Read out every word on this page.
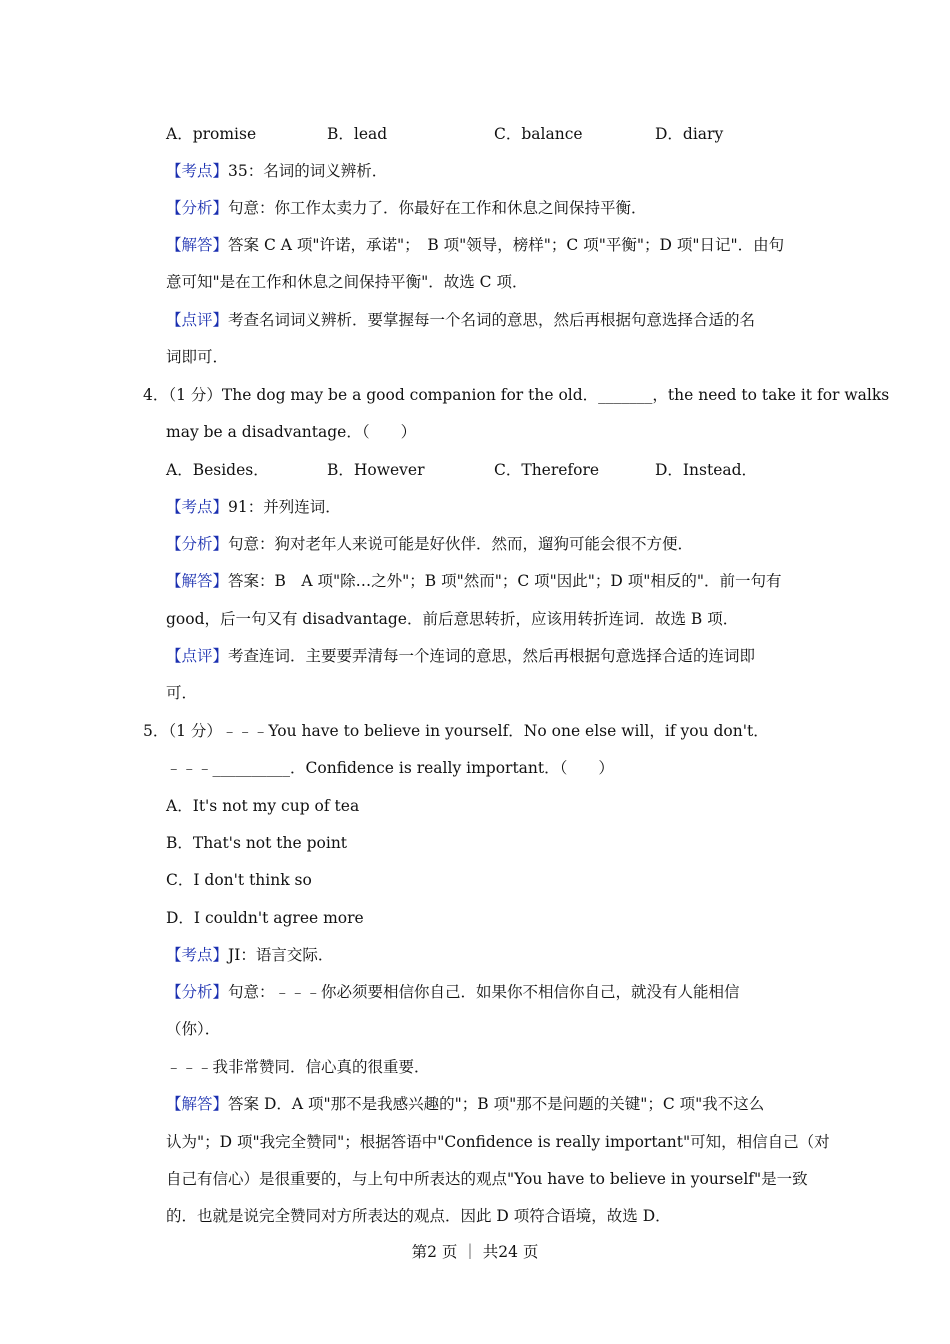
A．promise	B．lead	C．balance	D．diary
【考点】35：名词的词义辨析．
【分析】句意：你工作太卖力了．你最好在工作和休息之间保持平衡．
【解答】答案 C A 项"许诺，承诺"；　B 项"领导，榜样"；C 项"平衡"；D 项"日记"．由句
意可知"是在工作和休息之间保持平衡"．故选 C 项．
【点评】考查名词词义辨析．要掌握每一个名词的意思，然后再根据句意选择合适的名
词即可．
4．（1 分）The dog may be a good companion for the old．_______，the need to take it for walks
may be a disadvantage．（　　）
A．Besides．	B．However	C．Therefore	D．Instead．
【考点】91：并列连词．
【分析】句意：狗对老年人来说可能是好伙伴．然而，遛狗可能会很不方便．
【解答】答案：B　A 项"除…之外"；B 项"然而"；C 项"因此"；D 项"相反的"．前一句有
good，后一句又有 disadvantage．前后意思转折，应该用转折连词．故选 B 项．
【点评】考查连词．主要要弄清每一个连词的意思，然后再根据句意选择合适的连词即
可．
5．（1 分）﹣﹣﹣You have to believe in yourself．No one else will，if you don't．
﹣﹣﹣__________．Confidence is really important．（　　）
A．It's not my cup of tea
B．That's not the point
C．I don't think so
D．I couldn't agree more
【考点】JI：语言交际．
【分析】句意：﹣﹣﹣你必须要相信你自己．如果你不相信你自己，就没有人能相信
（你）．
﹣﹣﹣我非常赞同．信心真的很重要．
【解答】答案 D．A 项"那不是我感兴趣的"；B 项"那不是问题的关键"；C 项"我不这么
认为"；D 项"我完全赞同"；根据答语中"Confidence is really important"可知，相信自己（对
自己有信心）是很重要的，与上句中所表达的观点"You have to believe in yourself"是一致
的．也就是说完全赞同对方所表达的观点．因此 D 项符合语境，故选 D．
第2 页 ｜ 共24 页
